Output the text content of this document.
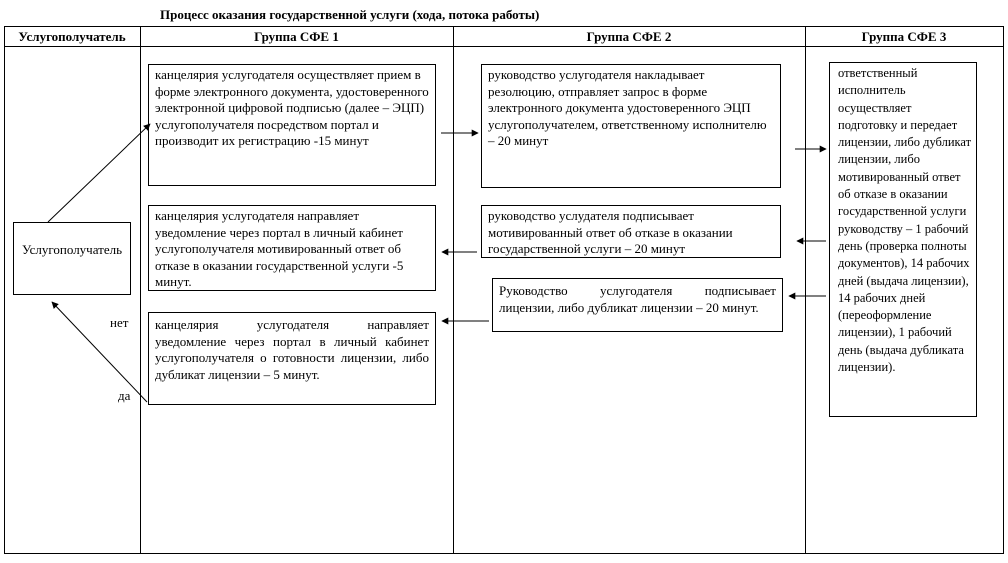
Процесс оказания государственной услуги (хода, потока работы)
Услугополучатель	Группа СФЕ 1	Группа СФЕ 2	Группа СФЕ 3
Услугополучатель
канцелярия услугодателя осуществляет прием в форме электронного документа, удостоверенного электронной цифровой подписью (далее – ЭЦП) услугополучателя посредством портал и производит их регистрацию -15 минут
канцелярия услугодателя направляет уведомление через портал в личный кабинет услугополучателя мотивированный ответ об отказе в оказании государственной услуги -5 минут.
канцелярия услугодателя направляет уведомление через портал в личный кабинет услугополучателя о готовности лицензии, либо дубликат лицензии – 5 минут.
руководство услугодателя накладывает резолюцию, отправляет запрос в форме электронного документа удостоверенного ЭЦП услугополучателем, ответственному исполнителю – 20 минут
руководство услудателя подписывает мотивированный ответ об отказе в оказании государственной услуги – 20 минут
Руководство услугодателя подписывает лицензии, либо дубликат лицензии – 20 минут.
ответственный исполнитель осуществляет подготовку и передает лицензии, либо дубликат лицензии, либо мотивированный ответ об отказе в оказании государственной услуги руководству – 1 рабочий день (проверка полноты документов), 14 рабочих дней (выдача лицензии), 14 рабочих дней (переоформление лицензии), 1 рабочий день (выдача дубликата лицензии).
нет
да
